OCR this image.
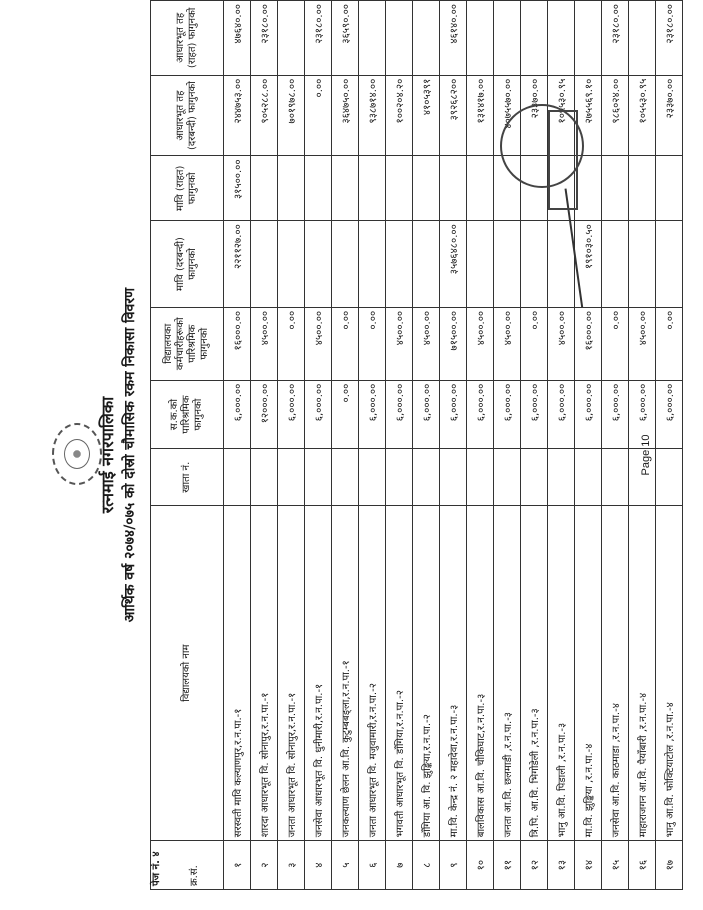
रत्नमाई नगरपालिका आर्थिक वर्ष २०७४/०७५ को दोस्रो चौमासिक रकम निकासा विवरण
पेज नं. ४ क्र.सं.	विद्यालयको नाम	खाता नं.	स.क.को पारिश्रमिक फागुनको	विद्यालयका कर्मचारीहरूको पारिश्रमिक फागुनको	मावि (दरबन्दी) फागुनको	मावि (राहत) फागुनको	आधारभूत तह (दरबन्दी) फागुनको	आधारभूत तह (राहत) फागुनको
१	सरस्वती मावि कल्याणपुर,र.न.पा.-१		६,०००.००	१६०००.००	२२११२७.००	३१५००.००	२४४७५३.००	४७६४०.००
२	शारदा आधारभूत वि. सोनापुर,र.न.पा.-१		१२०००.००	४५००.००			९०५२८८.००	२३१८०.००
३	जनता आधारभूत वि. सोनापुर,र.न.पा.-१		६,०००.००	०.००			७०१९७८.००	
४	जनसेवा आधारभूत वि. धुनीमारी,र.न.पा.-१		६,०००.००	४५००.००			०.००	२३१८०.००
५	जनकल्याण छेलन आ.वि. कुटुम्बबङ्ला,र.न.पा.-१		०.००	०.००			३६४७५०.००	३६५९०.००
६	जनता आधारभूत वि. मजुवामारी,र.न.पा.-२		६,०००.००	०.००			९३८७१४.००	
७	भगवती आधारभूत वि. डाँगिया,र.न.पा.-२		६,०००.००	४५००.००			१००२०४.२०	
८	डाँगिया आ. वि. झुङ्किया,र.न.पा.-२		६,०००.००	४५००.००			४१०५३९१	
९	मा.वि. केन्द्र नं. २ महादेवा,र.न.पा.-३		६,०००.००	७१५००.००	३५७६४८०.००		३९२६८२००	४६१४०.००
१०	बालविकास आ.वि. चौकिघाट,र.न.पा.-३		६,०००.००	४५००.००			१३१४१७.००	
११	जनता आ.वि. छलमाडी ,र.न.पा.-३		६,०००.००	४५००.००			४०७५५७०.००	
१२	त्रि.पि. आ.वि. भिगोडेली ,र.न.पा.-३		६,०००.००	०.००			२३३७०.००	
१३	भानु आ.वि. पिडाली ,र.न.पा.-३		६,०००.००	४५००.००			१०५५३०.९५	
१४	मा.वि. झुङ्किया ,र.न.पा.-४		६,०००.००	१६०००.००	१९१०३०.५०		२७५५६९.१०	
१५	जनसेवा आ.वि. काठमाडा ,र.न.पा.-४		६,०००.००	०.००			९८६०२४.००	२३१८०.००
१६	माहाराजगन आ.वि. पैयाँबारी ,र.न.पा.-४		६,०००.००	४५००.००			१०५५३०.९५	
१७	भानु आ.वि. फोक्टियाटोल ,र.न.पा.-४		६,०००.००	०.००			२३३७०.००	२३१८०.००
Page 10
